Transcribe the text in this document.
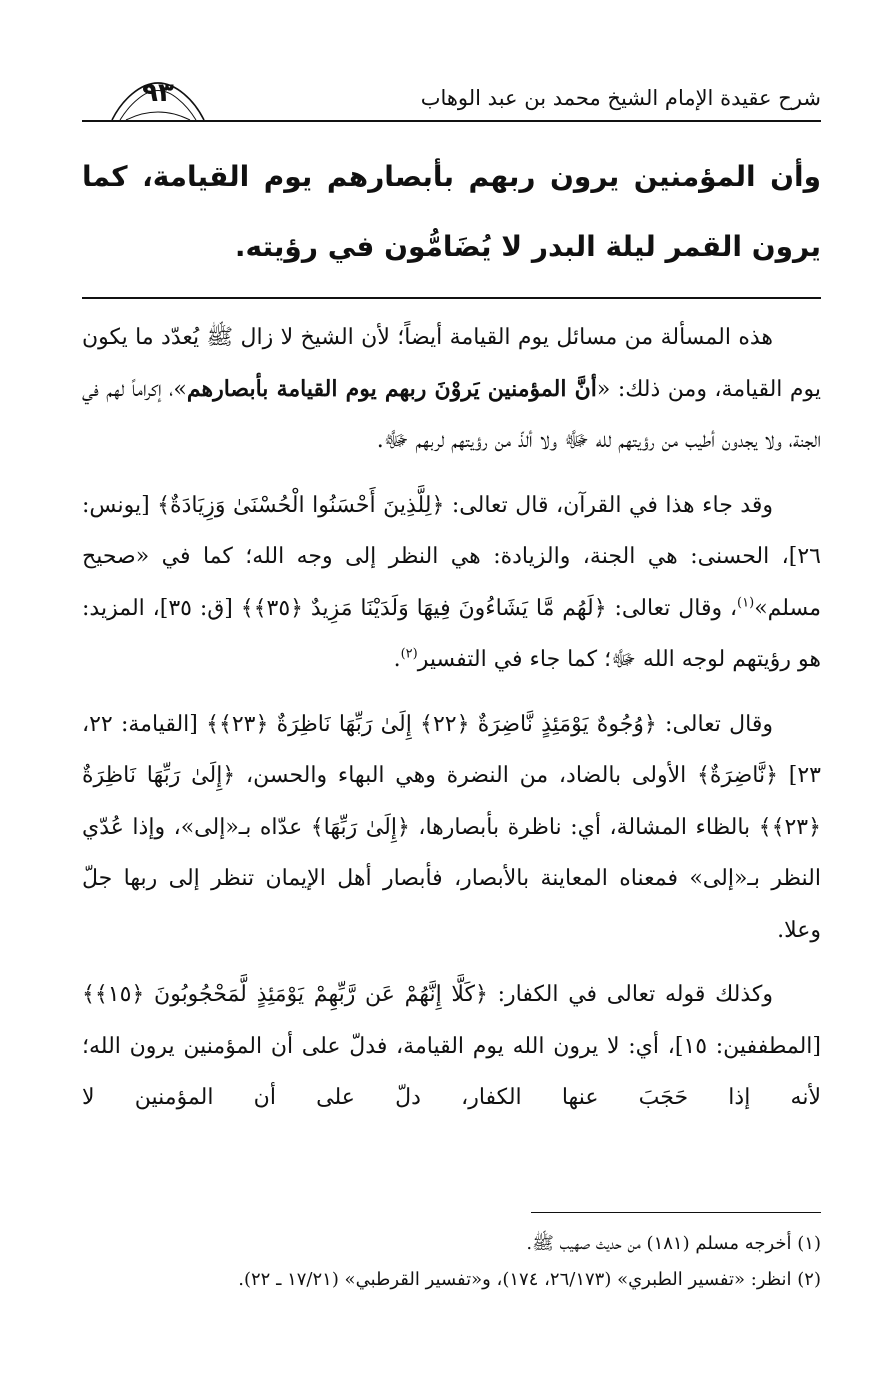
شرح عقيدة الإمام الشيخ محمد بن عبد الوهاب
٩٣
وأن المؤمنين يرون ربهم بأبصارهم يوم القيامة، كما يرون القمر ليلة البدر لا يُضَامُّون في رؤيته.

هذه المسألة من مسائل يوم القيامة أيضاً؛ لأن الشيخ لا زال ﷺ يُعدّد ما يكون يوم القيامة، ومن ذلك: «أنَّ المؤمنين يَروْنَ ربهم يوم القيامة بأبصارهم»، إكراماً لهم في الجنة، ولا يجدون أطيب من رؤيتهم لله ﷻ ولا ألذّ من رؤيتهم لربهم ﷻ.

وقد جاء هذا في القرآن، قال تعالى: ﴿لِلَّذِينَ أَحْسَنُوا الْحُسْنَىٰ وَزِيَادَةٌ﴾ [يونس: ٢٦]، الحسنى: هي الجنة، والزيادة: هي النظر إلى وجه الله؛ كما في «صحيح مسلم»$^{(١)}$، وقال تعالى: ﴿لَهُم مَّا يَشَاءُونَ فِيهَا وَلَدَيْنَا مَزِيدٌ ﴿٣٥﴾﴾ [ق: ٣٥]، المزيد: هو رؤيتهم لوجه الله ﷻ؛ كما جاء في التفسير$^{(٢)}$.

وقال تعالى: ﴿وُجُوهٌ يَوْمَئِذٍ نَّاضِرَةٌ ﴿٢٢﴾ إِلَىٰ رَبِّهَا نَاظِرَةٌ ﴿٢٣﴾﴾ [القيامة: ٢٢، ٢٣] ﴿نَّاضِرَةٌ﴾ الأولى بالضاد، من النضرة وهي البهاء والحسن، ﴿إِلَىٰ رَبِّهَا نَاظِرَةٌ ﴿٢٣﴾﴾ بالظاء المشالة، أي: ناظرة بأبصارها، ﴿إِلَىٰ رَبِّهَا﴾ عدّاه بـ«إلى»، وإذا عُدّي النظر بـ«إلى» فمعناه المعاينة بالأبصار، فأبصار أهل الإيمان تنظر إلى ربها جلّ وعلا.

وكذلك قوله تعالى في الكفار: ﴿كَلَّا إِنَّهُمْ عَن رَّبِّهِمْ يَوْمَئِذٍ لَّمَحْجُوبُونَ ﴿١٥﴾﴾ [المطففين: ١٥]، أي: لا يرون الله يوم القيامة، فدلّ على أن المؤمنين يرون الله؛ لأنه إذا حَجَبَ عنها الكفار، دلّ على أن المؤمنين لا

(١) أخرجه مسلم (١٨١) من حديث صهيب ﷺ.
(٢) انظر: «تفسير الطبري» (٢٦/١٧٣، ١٧٤)، و«تفسير القرطبي» (١٧/٢١ ـ ٢٢).
